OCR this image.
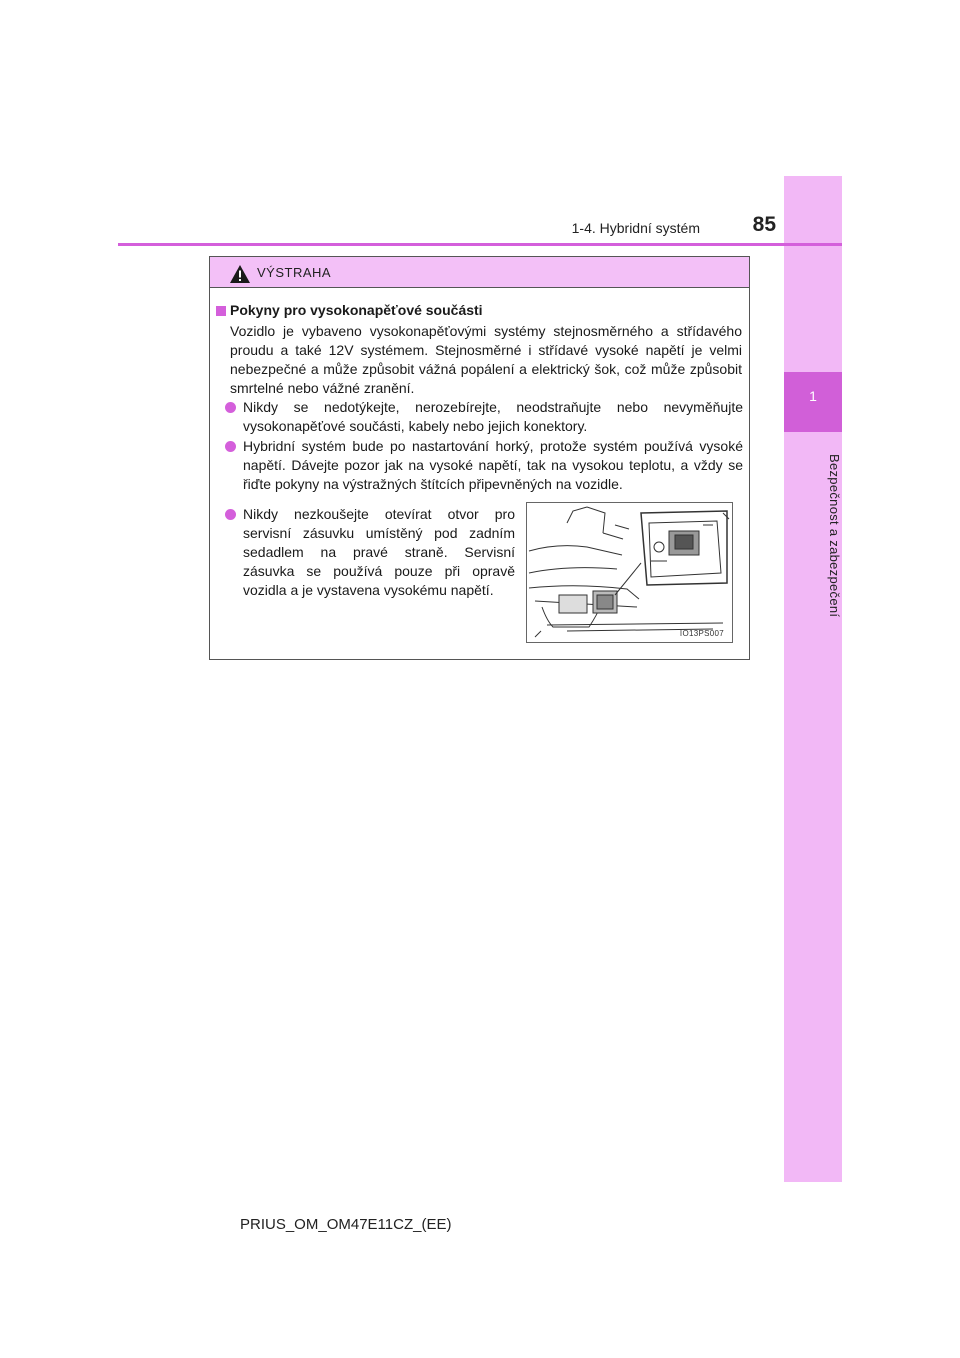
1
Bezpečnost a zabezpečení
1-4. Hybridní systém	85
VÝSTRAHA
Pokyny pro vysokonapěťové součásti
Vozidlo je vybaveno vysokonapěťovými systémy stejnosměrného a střídavého proudu a také 12V systémem. Stejnosměrné i střídavé vysoké napětí je velmi nebezpečné a může způsobit vážná popálení a elektrický šok, což může způsobit smrtelné nebo vážné zranění.
Nikdy se nedotýkejte, nerozebírejte, neodstraňujte nebo nevyměňujte vysokonapěťové součásti, kabely nebo jejich konektory.
Hybridní systém bude po nastartování horký, protože systém používá vysoké napětí. Dávejte pozor jak na vysoké napětí, tak na vysokou teplotu, a vždy se řiďte pokyny na výstražných štítcích připevněných na vozidle.
Nikdy nezkoušejte otevírat otvor pro servisní zásuvku umístěný pod zadním sedadlem na pravé straně. Servisní zásuvka se používá pouze při opravě vozidla a je vystavena vysokému napětí.
IO13PS007
PRIUS_OM_OM47E11CZ_(EE)
